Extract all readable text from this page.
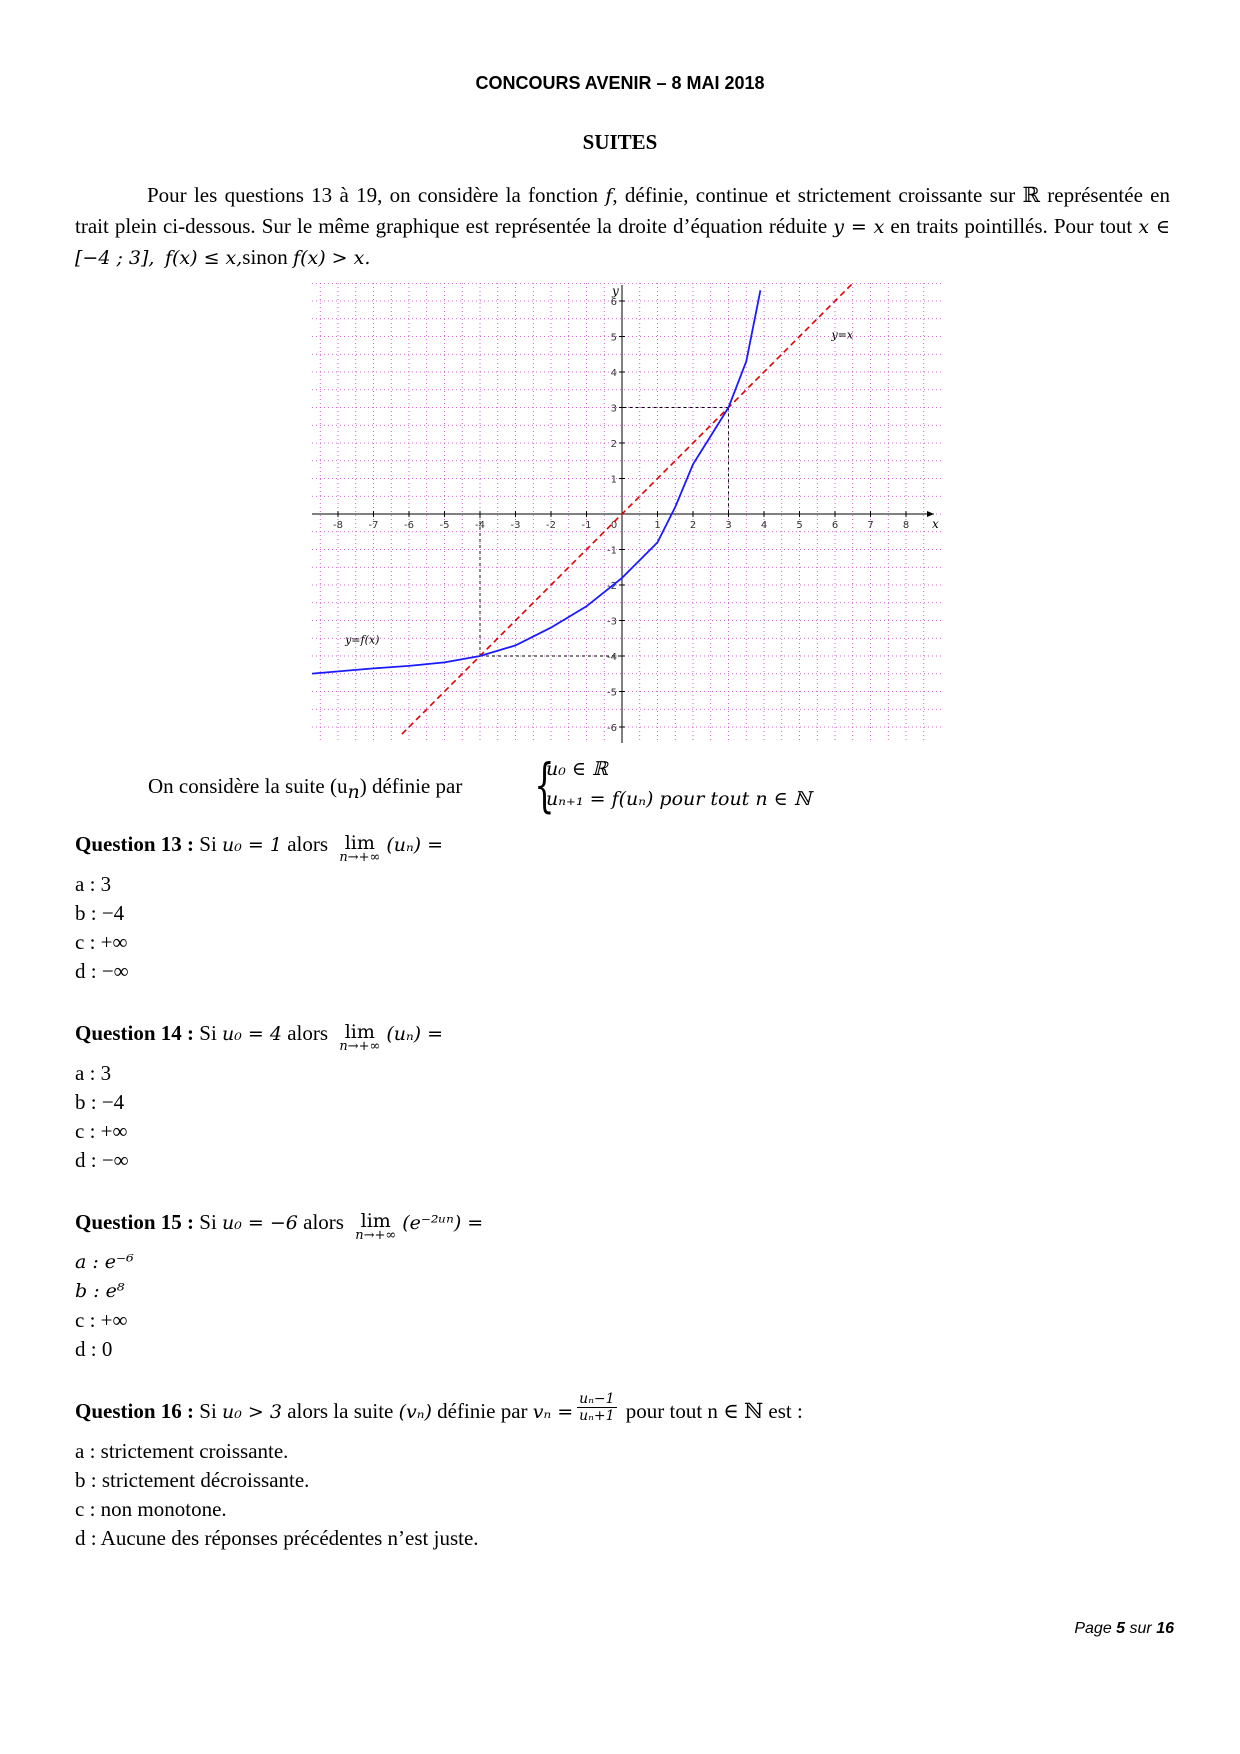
CONCOURS AVENIR – 8 MAI 2018
SUITES

Pour les questions 13 à 19, on considère la fonction f, définie, continue et strictement croissante sur ℝ représentée en trait plein ci-dessous. Sur le même graphique est représentée la droite d’équation réduite y = x en traits pointillés. Pour tout x ∈ [−4 ; 3], f(x) ≤ x,sinon f(x) > x.

-8	-7	-6	-5	-4	-3	-2	-1	1	2	3	4	5	6	7	8
0
-6
-5
-4
-3
-2
-1
1
2
3
4
5
6
x
y
y=x
y=f(x)
On considère la suite $(u_n)$ définie par {
u₀ ∈ ℝ
uₙ₊₁ = f(uₙ) pour tout n ∈ ℕ
Question 13 : Si u₀ = 1 alors lim
n→+∞
(uₙ) =
a : 3
b : −4
c : +∞
d : −∞
Question 14 : Si u₀ = 4 alors lim
n→+∞
(uₙ) =
a : 3
b : −4
c : +∞
d : −∞
Question 15 : Si u₀ = −6 alors lim
n→+∞
(e⁻²ᵘⁿ) =
a : e⁻⁶
b : e⁸
c : +∞
d : 0
Question 16 : Si u₀ > 3 alors la suite (vₙ) définie par $v_n = \frac{\text{uₙ−1}}{\text{uₙ+1}}$ pour tout n ∈ ℕ est :
a : strictement croissante.
b : strictement décroissante.
c : non monotone.
d : Aucune des réponses précédentes n’est juste.
Page 5 sur 16
